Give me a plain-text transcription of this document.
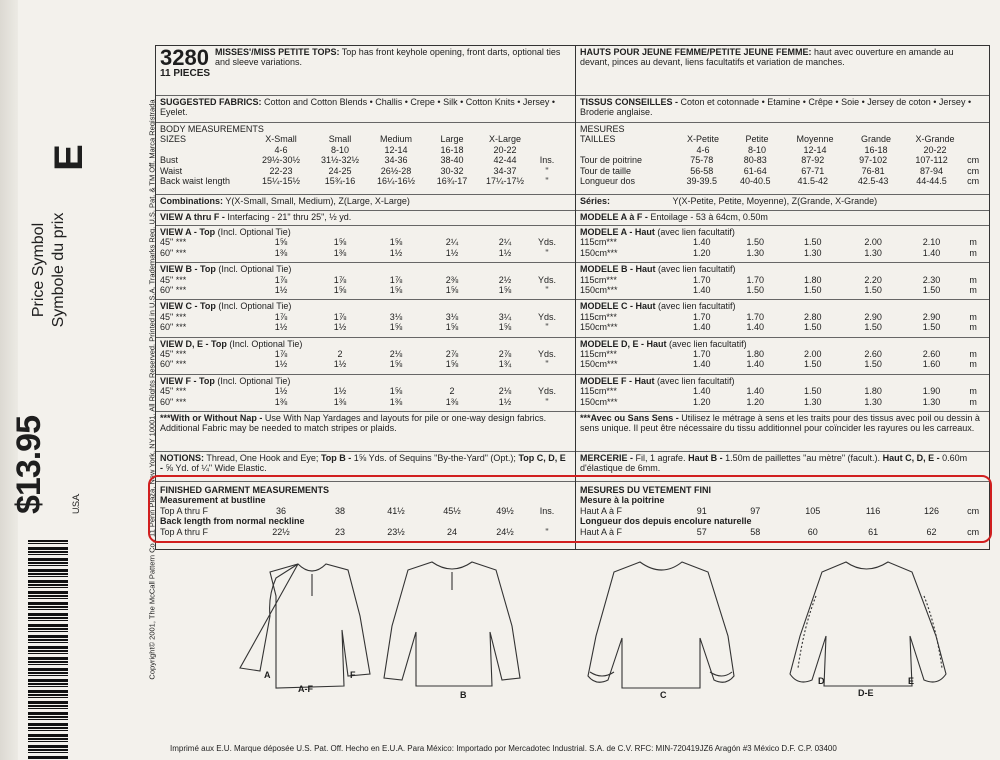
E
Price Symbol Symbole du prix
$13.95	U.S.A.	Copyright© 2001, The McCall Pattern Co., 11 Penn Plaza, New York, NY 10001. All Rights Reserved. Printed in U.S.A. Trademarks Reg. U.S. Pat. & TM Off. Marca Registrada
3280 MISSES'/MISS PETITE TOPS: Top has front keyhole opening, front darts, optional ties and sleeve variations.
11 PIECES
SUGGESTED FABRICS: Cotton and Cotton Blends • Challis • Crepe • Silk • Cotton Knits • Jersey • Eyelet.
BODY MEASUREMENTS
SIZES	X-Small	Small	Medium	Large	X-Large
4-6	8-10	12-14	16-18	20-22
Bust	29½-30½	31½-32½	34-36	38-40	42-44	Ins.
Waist	22-23	24-25	26½-28	30-32	34-37	"
Back waist length	15¼-15½	15¾-16	16¼-16½	16¾-17	17¼-17½	"
Combinations: Y(X-Small, Small, Medium), Z(Large, X-Large)
VIEW A thru F - Interfacing - 21" thru 25", ½ yd.
VIEW A - Top (Incl. Optional Tie)
45" ***	1⅝	1⅝	1⅝	2¼	2¼	Yds.
60" ***	1⅜	1⅜	1½	1½	1½	"
VIEW B - Top (Incl. Optional Tie)
45" ***	1⅞	1⅞	1⅞	2⅜	2½	Yds.
60" ***	1½	1⅝	1⅝	1⅝	1⅝	"
VIEW C - Top (Incl. Optional Tie)
45" ***	1⅞	1⅞	3⅛	3⅛	3¼	Yds.
60" ***	1½	1½	1⅝	1⅝	1⅝	"
VIEW D, E - Top (Incl. Optional Tie)
45" ***	1⅞	2	2⅛	2⅞	2⅞	Yds.
60" ***	1½	1½	1⅝	1⅝	1¾	"
VIEW F - Top (Incl. Optional Tie)
45" ***	1½	1½	1⅝	2	2⅛	Yds.
60" ***	1⅜	1⅜	1⅜	1⅜	1½	"
***With or Without Nap - Use With Nap Yardages and layouts for pile or one-way design fabrics. Additional Fabric may be needed to match stripes or plaids.
NOTIONS: Thread, One Hook and Eye; Top B - 1⅝ Yds. of Sequins "By-the-Yard" (Opt.); Top C, D, E - ⅝ Yd. of ¼" Wide Elastic.
FINISHED GARMENT MEASUREMENTS
Measurement at bustline
Top A thru F	36	38	41½	45½	49½	Ins.
Back length from normal neckline
Top A thru F	22½	23	23½	24	24½	"
HAUTS POUR JEUNE FEMME/PETITE JEUNE FEMME: haut avec ouverture en amande au devant, pinces au devant, liens facultatifs et variation de manches.
TISSUS CONSEILLES - Coton et cotonnade • Etamine • Crêpe • Soie • Jersey de coton • Jersey • Broderie anglaise.
MESURES
TAILLES	X-Petite	Petite	Moyenne	Grande	X-Grande
4-6	8-10	12-14	16-18	20-22
Tour de poitrine	75-78	80-83	87-92	97-102	107-112	cm
Tour de taille	56-58	61-64	67-71	76-81	87-94	cm
Longueur dos	39-39.5	40-40.5	41.5-42	42.5-43	44-44.5	cm
Séries:	Y(X-Petite, Petite, Moyenne), Z(Grande, X-Grande)
MODELE A à F - Entoilage - 53 à 64cm, 0.50m
MODELE A - Haut (avec lien facultatif)
115cm***	1.40	1.50	1.50	2.00	2.10	m
150cm***	1.20	1.30	1.30	1.30	1.40	m
MODELE B - Haut (avec lien facultatif)
115cm***	1.70	1.70	1.80	2.20	2.30	m
150cm***	1.40	1.50	1.50	1.50	1.50	m
MODELE C - Haut (avec lien facultatif)
115cm***	1.70	1.70	2.80	2.90	2.90	m
150cm***	1.40	1.40	1.50	1.50	1.50	m
MODELE D, E - Haut (avec lien facultatif)
115cm***	1.70	1.80	2.00	2.60	2.60	m
150cm***	1.40	1.40	1.50	1.50	1.60	m
MODELE F - Haut (avec lien facultatif)
115cm***	1.40	1.40	1.50	1.80	1.90	m
150cm***	1.20	1.20	1.30	1.30	1.30	m
***Avec ou Sans Sens - Utilisez le métrage à sens et les traits pour des tissus avec poil ou dessin à sens unique. Il peut être nécessaire du tissu additionnel pour coïncider les rayures ou les carreaux.
MERCERIE - Fil, 1 agrafe. Haut B - 1.50m de paillettes "au mètre" (facult.). Haut C, D, E - 0.60m d'élastique de 6mm.
MESURES DU VETEMENT FINI
Mesure à la poitrine
Haut A à F	91	97	105	116	126	cm
Longueur dos depuis encolure naturelle
Haut A à F	57	58	60	61	62	cm
A
A-F
F
B	C
D
D-E
E
Imprimé aux E.U. Marque déposée U.S. Pat. Off. Hecho en E.U.A. Para México: Importado por Mercadotec Industrial. S.A. de C.V. RFC: MIN-720419JZ6 Aragón #3 México D.F. C.P. 03400
